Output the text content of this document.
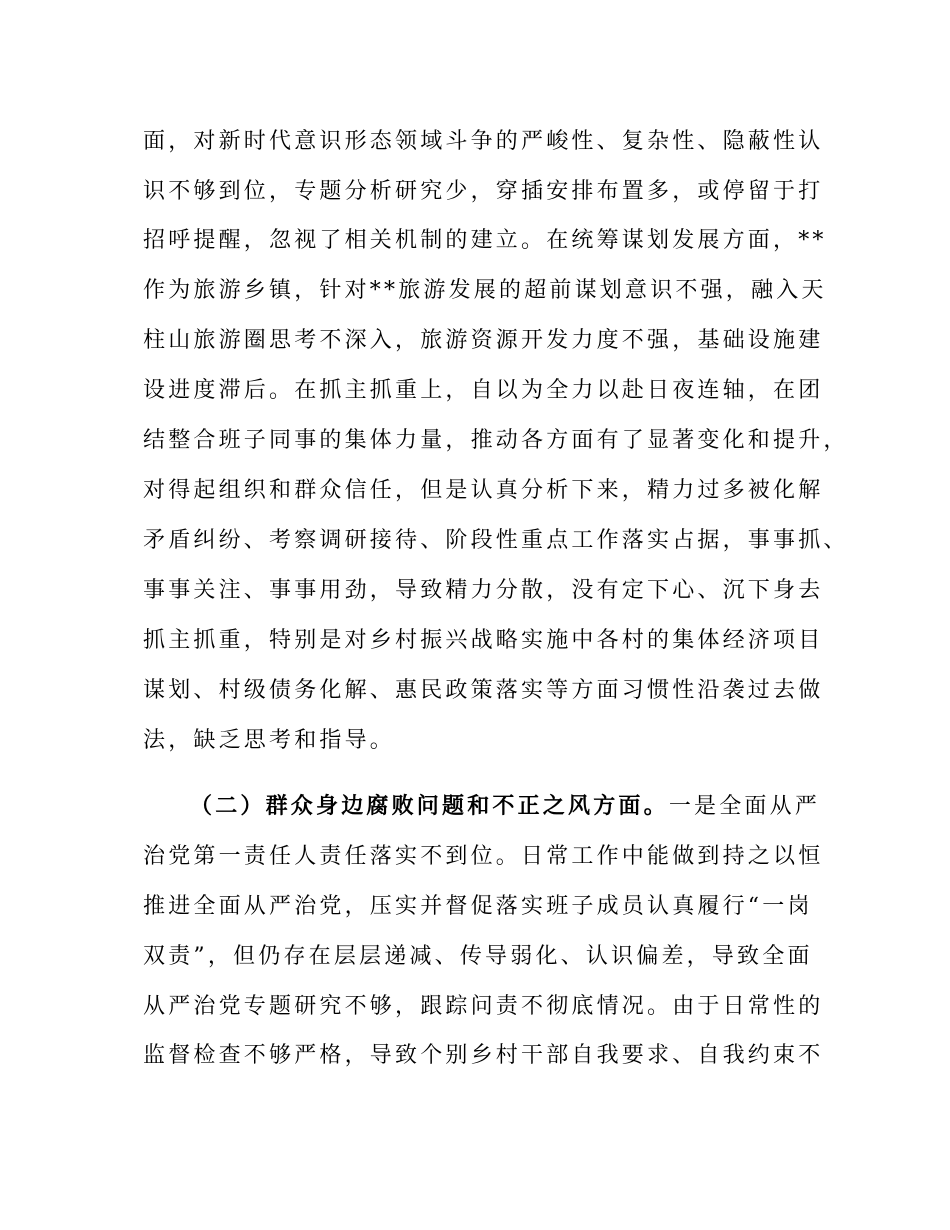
面，对新时代意识形态领域斗争的严峻性、复杂性、隐蔽性认
识不够到位，专题分析研究少，穿插安排布置多，或停留于打
招呼提醒，忽视了相关机制的建立。在统筹谋划发展方面，**
作为旅游乡镇，针对**旅游发展的超前谋划意识不强，融入天
柱山旅游圈思考不深入，旅游资源开发力度不强，基础设施建
设进度滞后。在抓主抓重上，自以为全力以赴日夜连轴，在团
结整合班子同事的集体力量，推动各方面有了显著变化和提升，
对得起组织和群众信任，但是认真分析下来，精力过多被化解
矛盾纠纷、考察调研接待、阶段性重点工作落实占据，事事抓、
事事关注、事事用劲，导致精力分散，没有定下心、沉下身去
抓主抓重，特别是对乡村振兴战略实施中各村的集体经济项目
谋划、村级债务化解、惠民政策落实等方面习惯性沿袭过去做
法，缺乏思考和指导。
（二）群众身边腐败问题和不正之风方面。一是全面从严
治党第一责任人责任落实不到位。日常工作中能做到持之以恒
推进全面从严治党，压实并督促落实班子成员认真履行“一岗
双责”，但仍存在层层递减、传导弱化、认识偏差，导致全面
从严治党专题研究不够，跟踪问责不彻底情况。由于日常性的
监督检查不够严格，导致个别乡村干部自我要求、自我约束不
